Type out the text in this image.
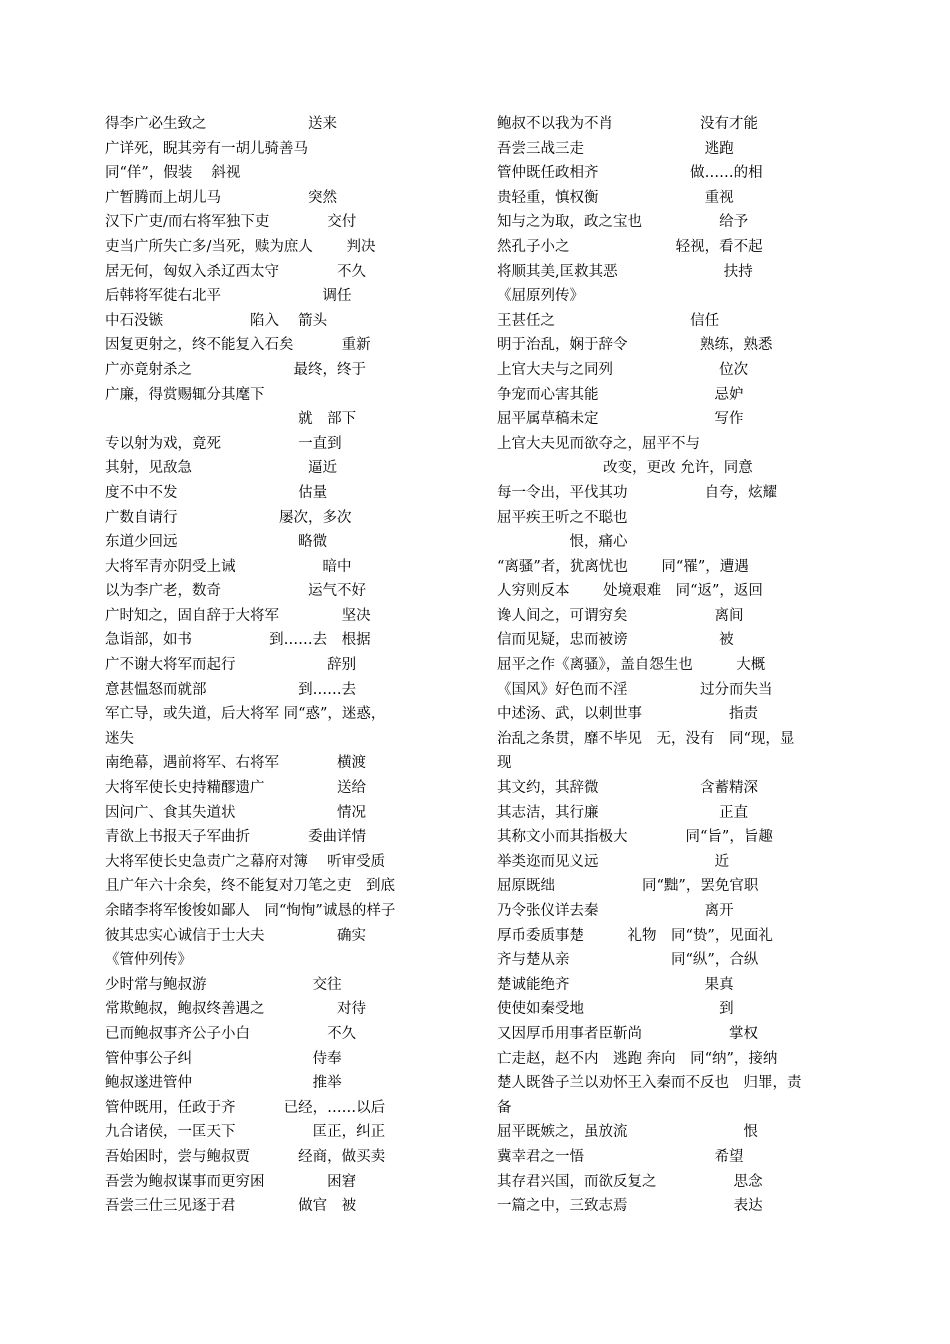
得李广必生致之　　　　　　　送来
广详死，睨其旁有一胡儿骑善马
同“佯”，假装　 斜视
广暂腾而上胡儿马　　　　　　突然
汉下广吏/而右将军独下吏　　　　交付
吏当广所失亡多/当死，赎为庶人　　 判决
居无何，匈奴入杀辽西太守　　　　不久
后韩将军徙右北平　　　　　　　调任
中石没镞　　　　　　陷入　 箭头
因复更射之，终不能复入石矣　　　 重新
广亦竟射杀之　　　　　　　最终，终于
广廉，得赏赐辄分其麾下
　　　　　　　　　　　　　 就　部下
专以射为戏，竟死　　　　　 一直到
其射，见敌急　　　　　　　　逼近
度不中不发　　　　　　　　 估量
广数自请行　　　　　　　屡次，多次
东道少回远　　　　　　　　 略微
大将军青亦阴受上诫　　　　　　暗中
以为李广老，数奇　　　　　　运气不好
广时知之，固自辞于大将军　　　　 坚决
急诣部，如书　　　　　 到……去　根据
广不谢大将军而起行　　　　　　 辞别
意甚愠怒而就部　　　　　　 到……去
军亡导，或失道，后大将军 同“惑”，迷惑，
迷失
南绝幕，遇前将军、右将军　　　　横渡
大将军使长史持糒醪遗广　　　　　送给
因问广、食其失道状　　　　　　　情况
青欲上书报天子军曲折　　　　委曲详情
大将军使长史急责广之幕府对簿　 听审受质
且广年六十余矣，终不能复对刀笔之吏　到底
余睹李将军悛悛如鄙人　同“恂恂”诚恳的样子
彼其忠实心诚信于士大夫　　　　　确实
《管仲列传》
少时常与鲍叔游　　　　　　　 交往
常欺鲍叔，鲍叔终善遇之　　　　　对待
已而鲍叔事齐公子小白　　　　　 不久
管仲事公子纠　　　　　　　　 侍奉
鲍叔遂进管仲　　　　　　　　 推举
管仲既用，任政于齐　　　 已经，……以后
九合诸侯，一匡天下　　　　　 匡正，纠正
吾始困时，尝与鲍叔贾　　　 经商，做买卖
吾尝为鲍叔谋事而更穷困　　　　 困窘
吾尝三仕三见逐于君　　　　 做官　被
鲍叔不以我为不肖　　　　　　没有才能
吾尝三战三走　　　　　　　　 逃跑
管仲既任政相齐　　　　　　 做……的相
贵轻重，慎权衡　　　　　　　 重视
知与之为取，政之宝也　　　　　 给予
然孔子小之　　　　　　　 轻视，看不起
将顺其美,匡救其恶　　　　　　　 扶持
《屈原列传》
王甚任之　　　　　　　　　 信任
明于治乱，娴于辞令　　　　　熟练，熟悉
上官大夫与之同列　　　　　　　 位次
争宠而心害其能　　　　　　　　忌妒
屈平属草稿未定　　　　　　　　写作
上官大夫见而欲夺之，屈平不与
　　　　　　　 改变，更改 允许，同意
每一令出，平伐其功　　　　　 自夸，炫耀
屈平疾王听之不聪也
　　　　　恨，痛心
“离骚”者，犹离忧也　　 同“罹”，遭遇
人穷则反本　　 处境艰难　同“返”，返回
谗人间之，可谓穷矣　　　　　　离间
信而见疑，忠而被谤　　　　　　 被
屈平之作《离骚》，盖自怨生也　　　大概
《国风》好色而不淫　　　　　过分而失当
中述汤、武，以刺世事　　　　　　指责
治乱之条贯，靡不毕见　无，没有　同“现，显
现
其文约，其辞微　　　　　　　含蓄精深
其志洁，其行廉　　　　　　　　 正直
其称文小而其指极大　　　　同“旨”，旨趣
举类迩而见义远　　　　　　　　近
屈原既绌　　　　　　同“黜”，罢免官职
乃令张仪详去秦　　　　　　　 离开
厚币委质事楚　　　礼物　同“贽”，见面礼
齐与楚从亲　　　　　　　同“纵”，合纵
楚诚能绝齐　　　　　　　　　 果真
使使如秦受地　　　　　　　　　 到
又因厚币用事者臣靳尚　　　　　　掌权
亡走赵，赵不内　逃跑 奔向　同“纳”，接纳
楚人既咎子兰以劝怀王入秦而不反也　归罪，责
备
屈平既嫉之，虽放流　　　　　　　　恨
冀幸君之一悟　　　　　　　　　希望
其存君兴国，而欲反复之　　　　　 思念
一篇之中，三致志焉　　　　　　　 表达
